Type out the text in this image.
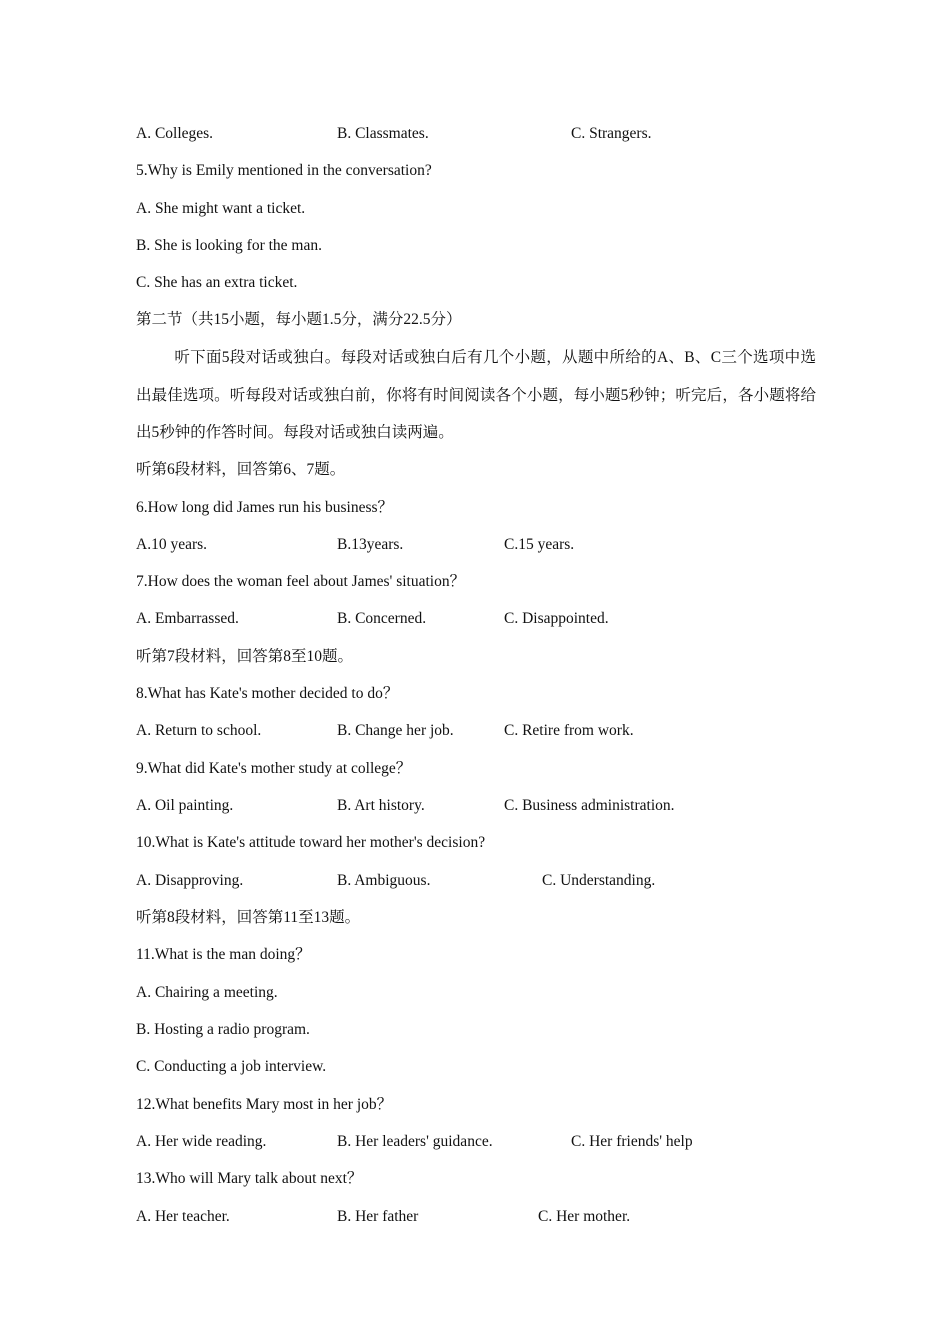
A. Colleges.	B. Classmates.	C. Strangers.
5.Why is Emily mentioned in the conversation?
A. She might want a ticket.
B. She is looking for the man.
C. She has an extra ticket.
第二节（共15小题，每小题1.5分，满分22.5分）
听下面5段对话或独白。每段对话或独白后有几个小题，从题中所给的A、B、C三个选项中选出最佳选项。听每段对话或独白前，你将有时间阅读各个小题，每小题5秒钟；听完后，各小题将给出5秒钟的作答时间。每段对话或独白读两遍。
听第6段材料，回答第6、7题。
6.How long did James run his business？
A.10 years.	B.13years.	C.15 years.
7.How does the woman feel about James' situation？
A. Embarrassed.	B. Concerned.	C. Disappointed.
听第7段材料，回答第8至10题。
8.What has Kate's mother decided to do？
A. Return to school.	B. Change her job.	C. Retire from work.
9.What did Kate's mother study at college？
A. Oil painting.	B. Art history.	C. Business administration.
10.What is Kate's attitude toward her mother's decision?
A. Disapproving.	B. Ambiguous.	C. Understanding.
听第8段材料，回答第11至13题。
11.What is the man doing？
A. Chairing a meeting.
B. Hosting a radio program.
C. Conducting a job interview.
12.What benefits Mary most in her job？
A. Her wide reading.	B. Her leaders' guidance.	C. Her friends' help
13.Who will Mary talk about next？
A. Her teacher.	B. Her father	C. Her mother.
